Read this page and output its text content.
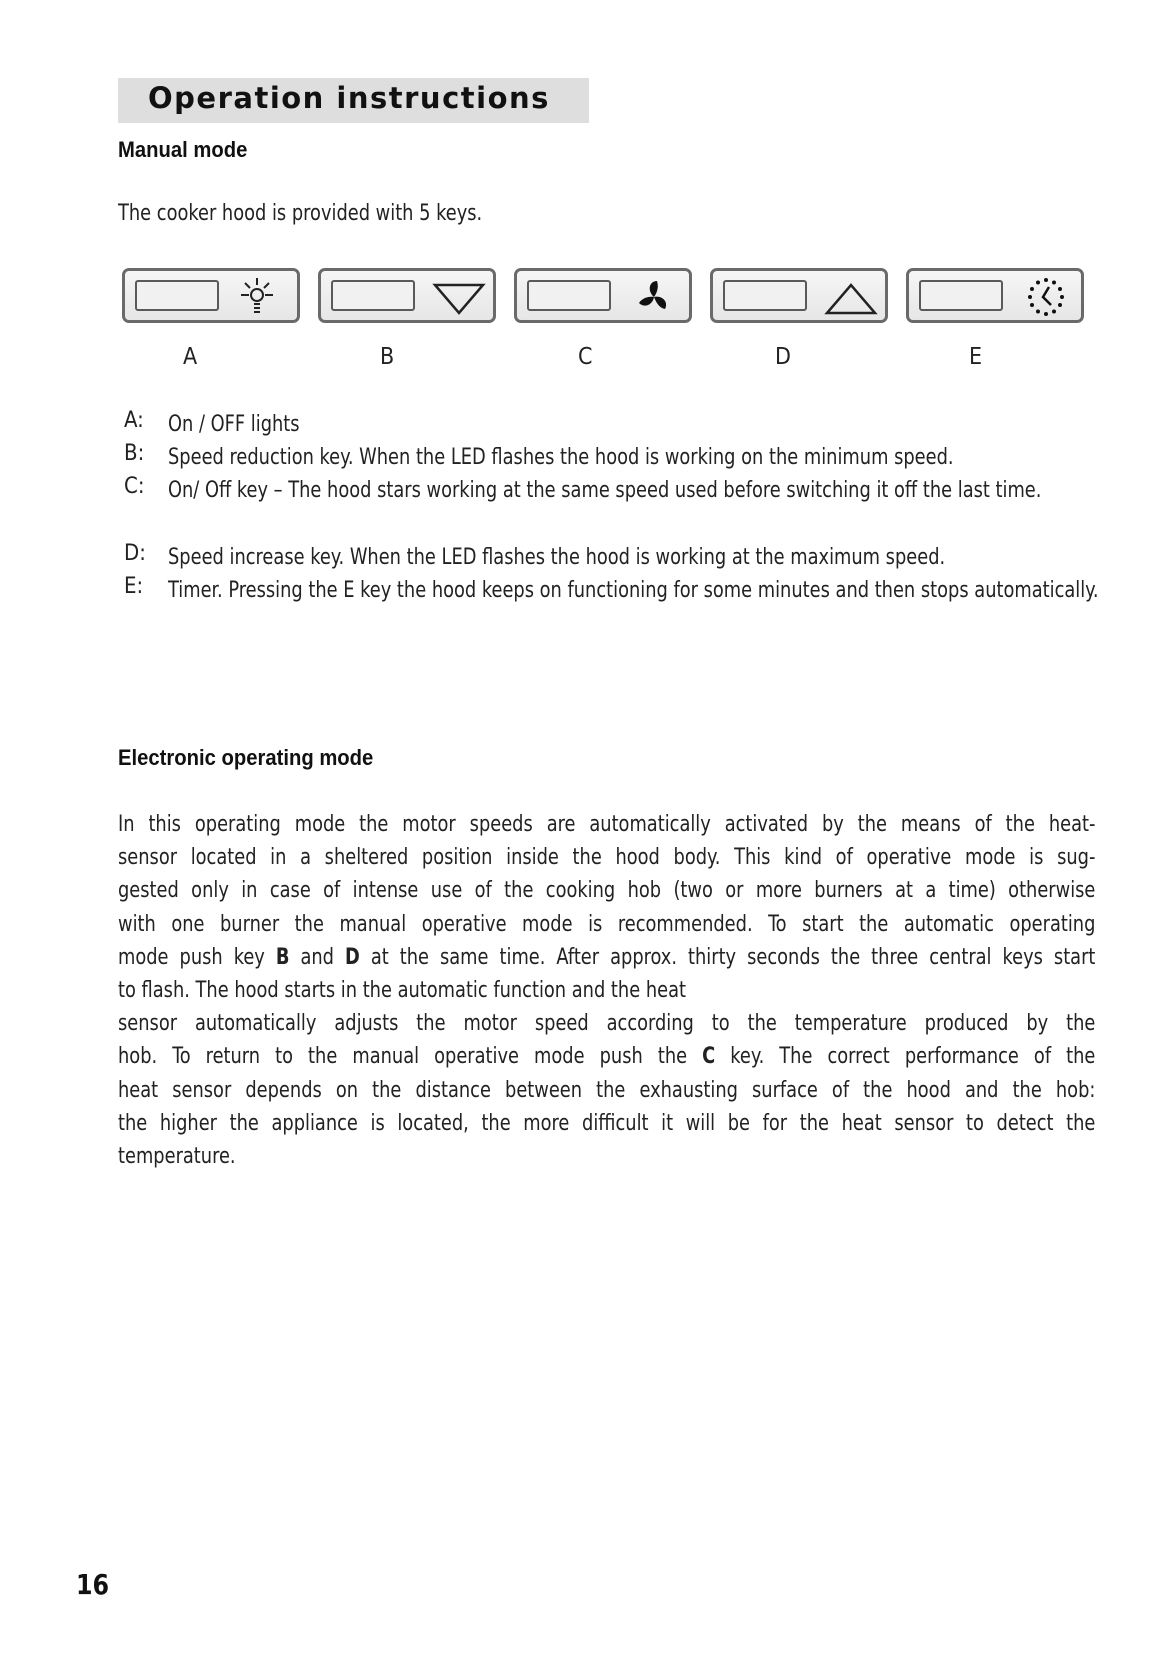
Operation instructions
Manual mode
The cooker hood is provided with 5 keys.
A	B	C	D	E
A: On / OFF lights
B: Speed reduction key. When the LED flashes the hood is working on the minimum speed.
C: On/ Off key – The hood stars working at the same speed used before switching it off the last time.
D: Speed increase key. When the LED flashes the hood is working at the maximum speed.
E: Timer. Pressing the E key the hood keeps on functioning for some minutes and then stops automatically.
Electronic operating mode
In this operating mode the motor speeds are automatically activated by the means of the heat-
sensor located in a sheltered position inside the hood body. This kind of operative mode is sug-
gested only in case of intense use of the cooking hob (two or more burners at a time) otherwise
with one burner the manual operative mode is recommended. To start the automatic operating
mode push key B and D at the same time. After approx. thirty seconds the three central keys start
to flash. The hood starts in the automatic function and the heat
sensor automatically adjusts the motor speed according to the temperature produced by the
hob. To return to the manual operative mode push the C key. The correct performance of the
heat sensor depends on the distance between the exhausting surface of the hood and the hob:
the higher the appliance is located, the more difficult it will be for the heat sensor to detect the
temperature.
16
